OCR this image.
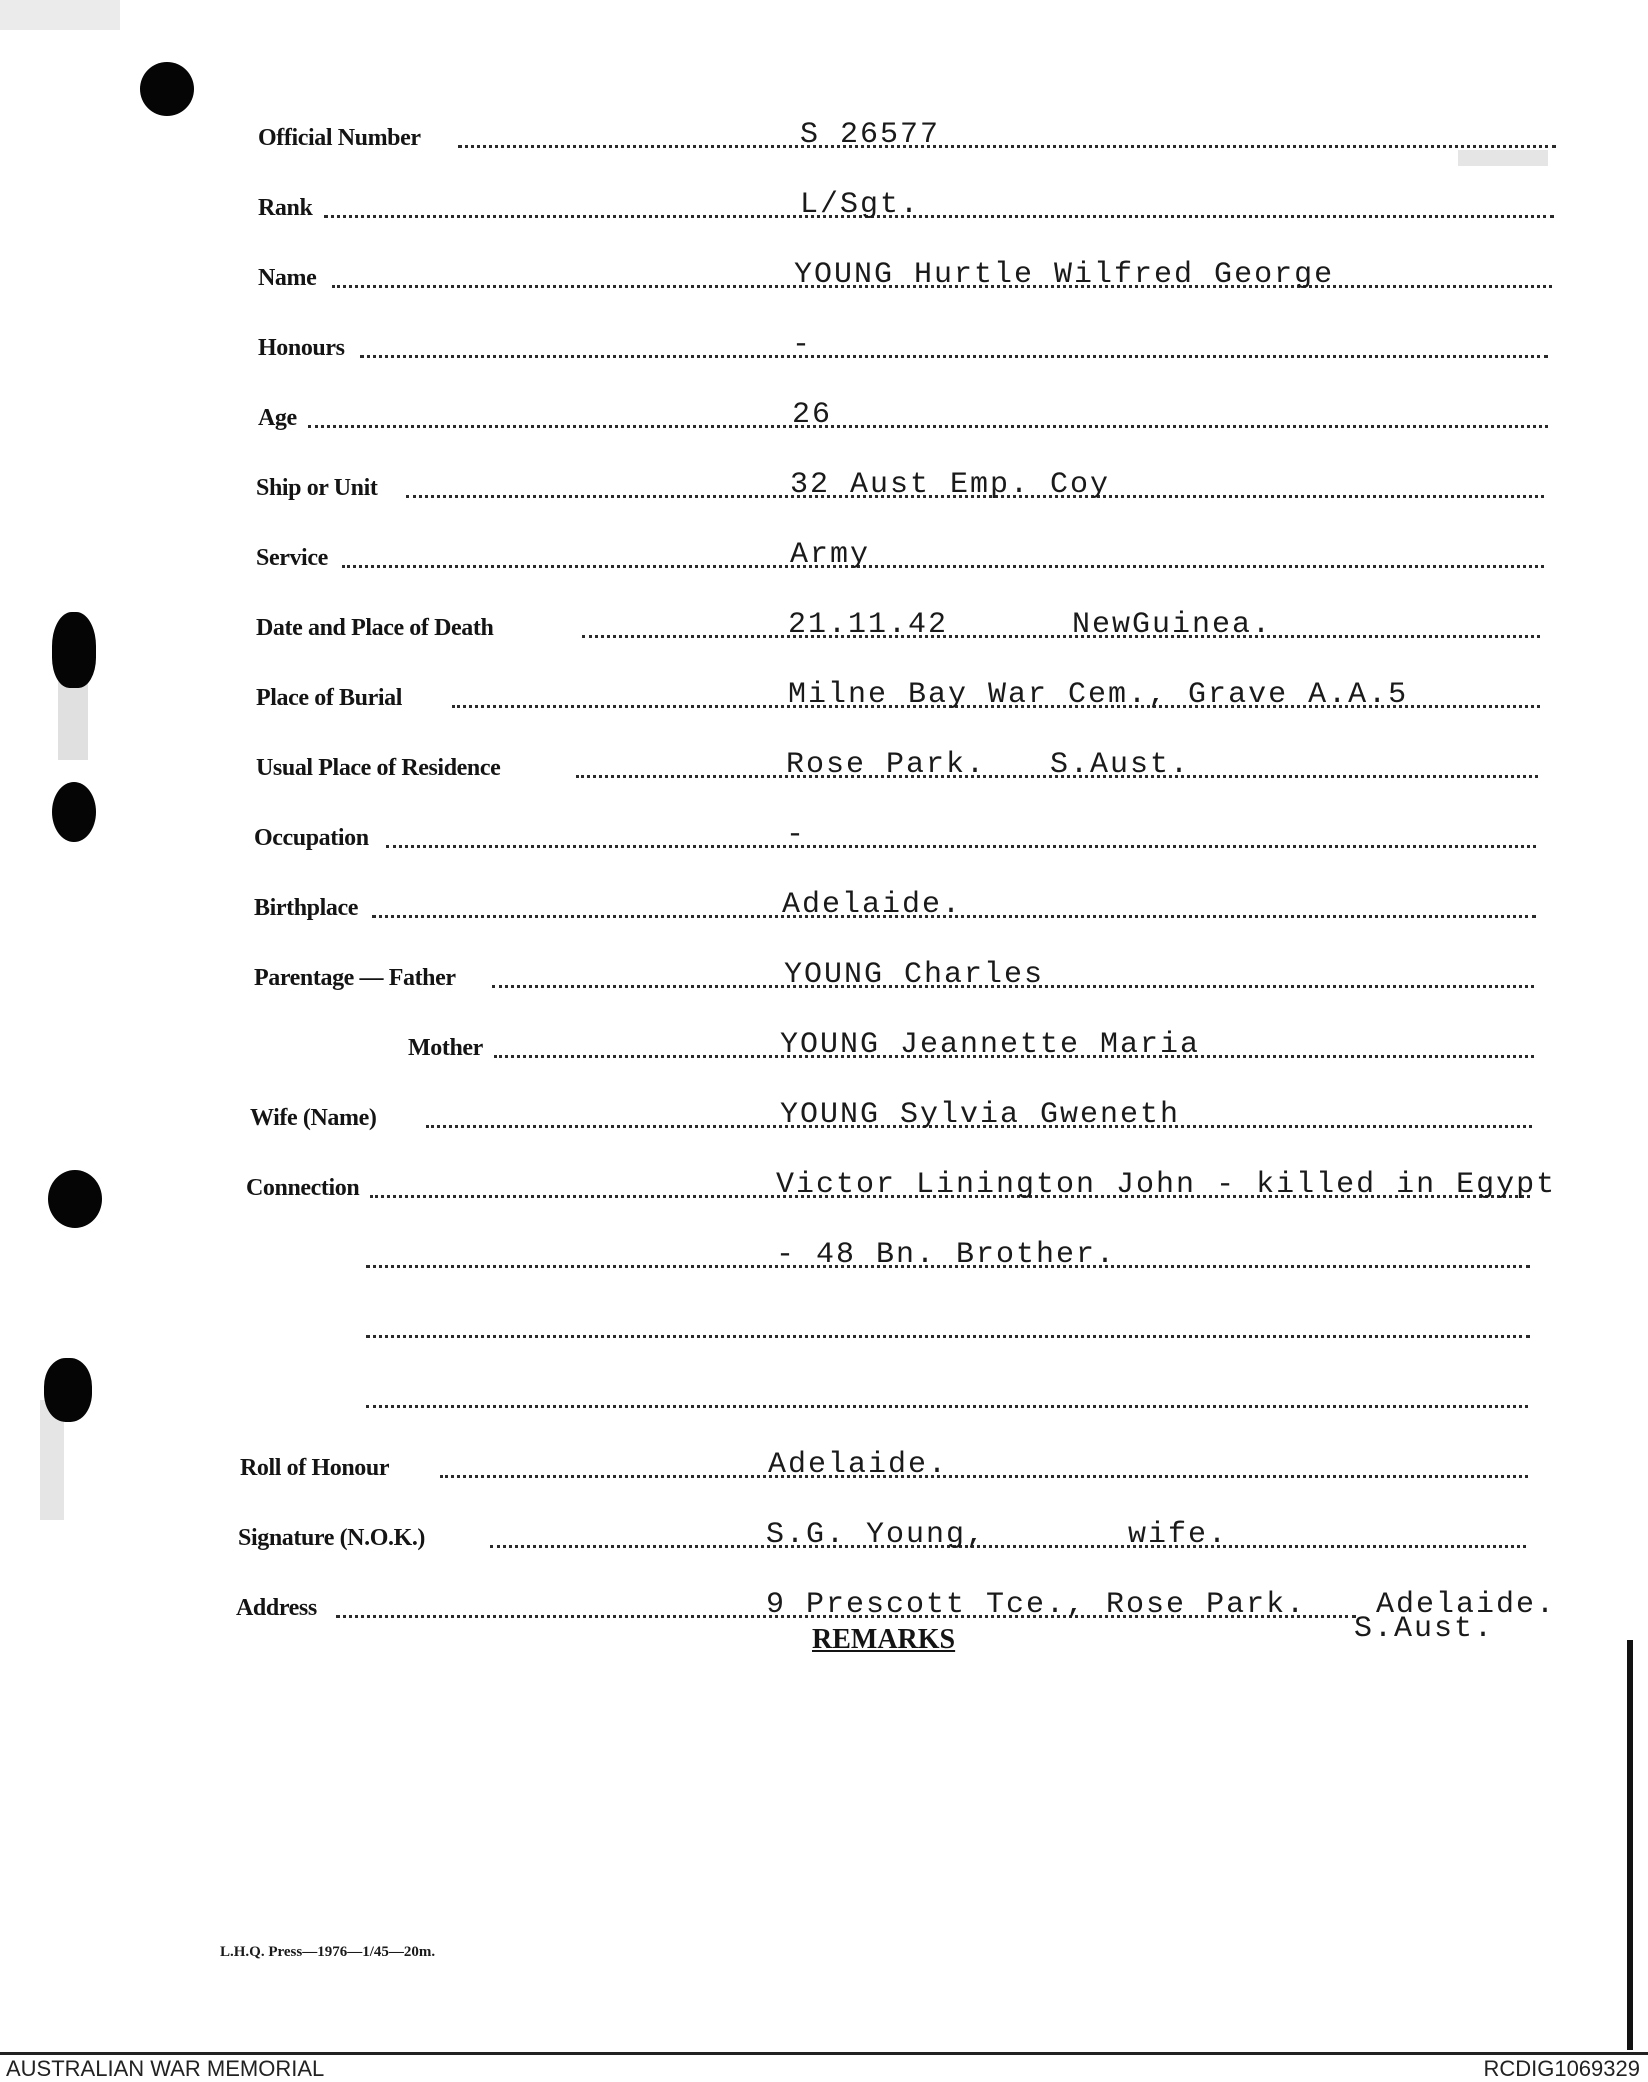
Official Number	S 26577
Rank	L/Sgt.
Name	YOUNG Hurtle Wilfred George
Honours	-
Age	26
Ship or Unit	32 Aust Emp. Coy
Service	Army
Date and Place of Death	21.11.42	NewGuinea.
Place of Burial	Milne Bay War Cem., Grave A.A.5
Usual Place of Residence	Rose Park. S.Aust.
Occupation	-
Birthplace	Adelaide.
Parentage — Father	YOUNG Charles
Mother	YOUNG Jeannette Maria
Wife (Name)	YOUNG Sylvia Gweneth
Connection	Victor Linington John - killed in Egypt
- 48 Bn. Brother.
Roll of Honour	Adelaide.
Signature (N.O.K.)	S.G. Young,	wife.
Address	9 Prescott Tce., Rose Park. Adelaide.
S.Aust.
REMARKS
L.H.Q. Press—1976—1/45—20m.
AUSTRALIAN WAR MEMORIAL	RCDIG1069329
